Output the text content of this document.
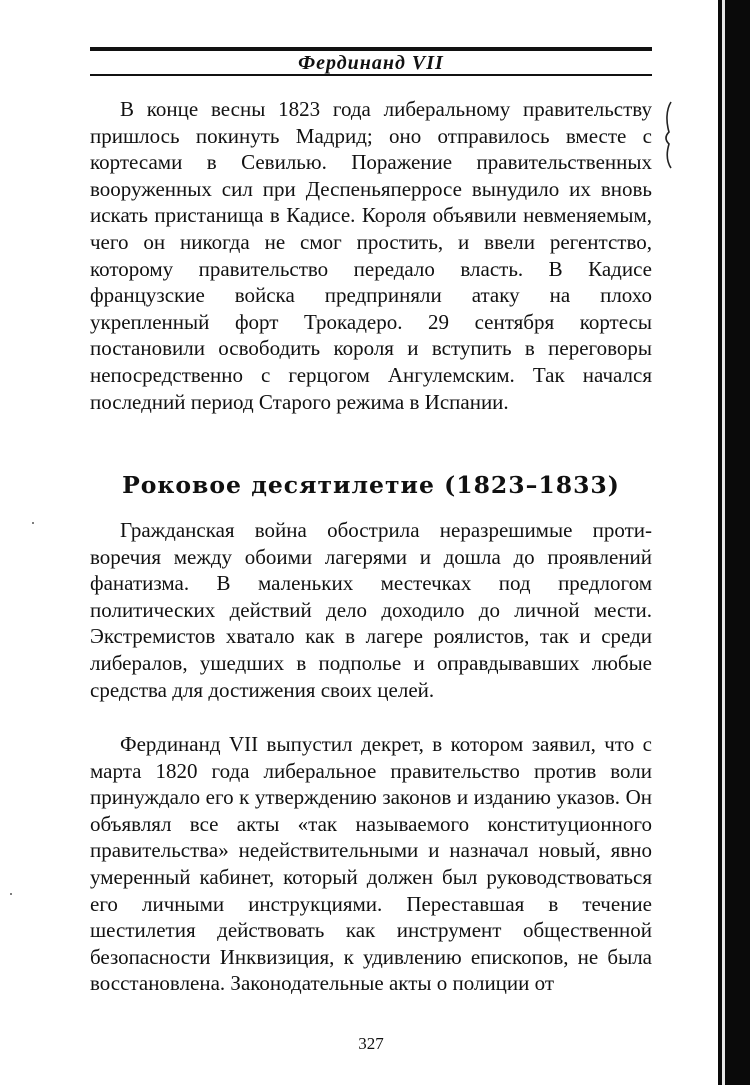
Фердинанд VII

В конце весны 1823 года либеральному правительству пришлось покинуть Мадрид; оно отправилось вместе с кортесами в Севилью. Поражение правительственных вооруженных сил при Деспеньяперросе вынудило их вновь искать пристанища в Кадисе. Короля объявили невменяемым, чего он никогда не смог простить, и ввели регентство, которому правительство передало власть. В Кадисе французские войска предприняли атаку на плохо укрепленный форт Трокадеро. 29 сентября кортесы постановили освободить короля и вступить в переговоры непосредственно с герцогом Ангулемским. Так начался последний период Старого режима в Испании.

Роковое десятилетие (1823–1833)

Гражданская война обострила неразрешимые противоречия между обоими лагерями и дошла до проявлений фанатизма. В маленьких местечках под предлогом политических действий дело доходило до личной мести. Экстремистов хватало как в лагере роялистов, так и среди либералов, ушедших в подполье и оправдывавших любые средства для достижения своих целей.

Фердинанд VII выпустил декрет, в котором заявил, что с марта 1820 года либеральное правительство против воли принуждало его к утверждению законов и изданию указов. Он объявлял все акты «так называемого конституционного правительства» недействительными и назначал новый, явно умеренный кабинет, который должен был руководствоваться его личными инструкциями. Переставшая в течение шестилетия действовать как инструмент общественной безопасности Инквизиция, к удивлению епископов, не была восстановлена. Законодательные акты о полиции от

327
